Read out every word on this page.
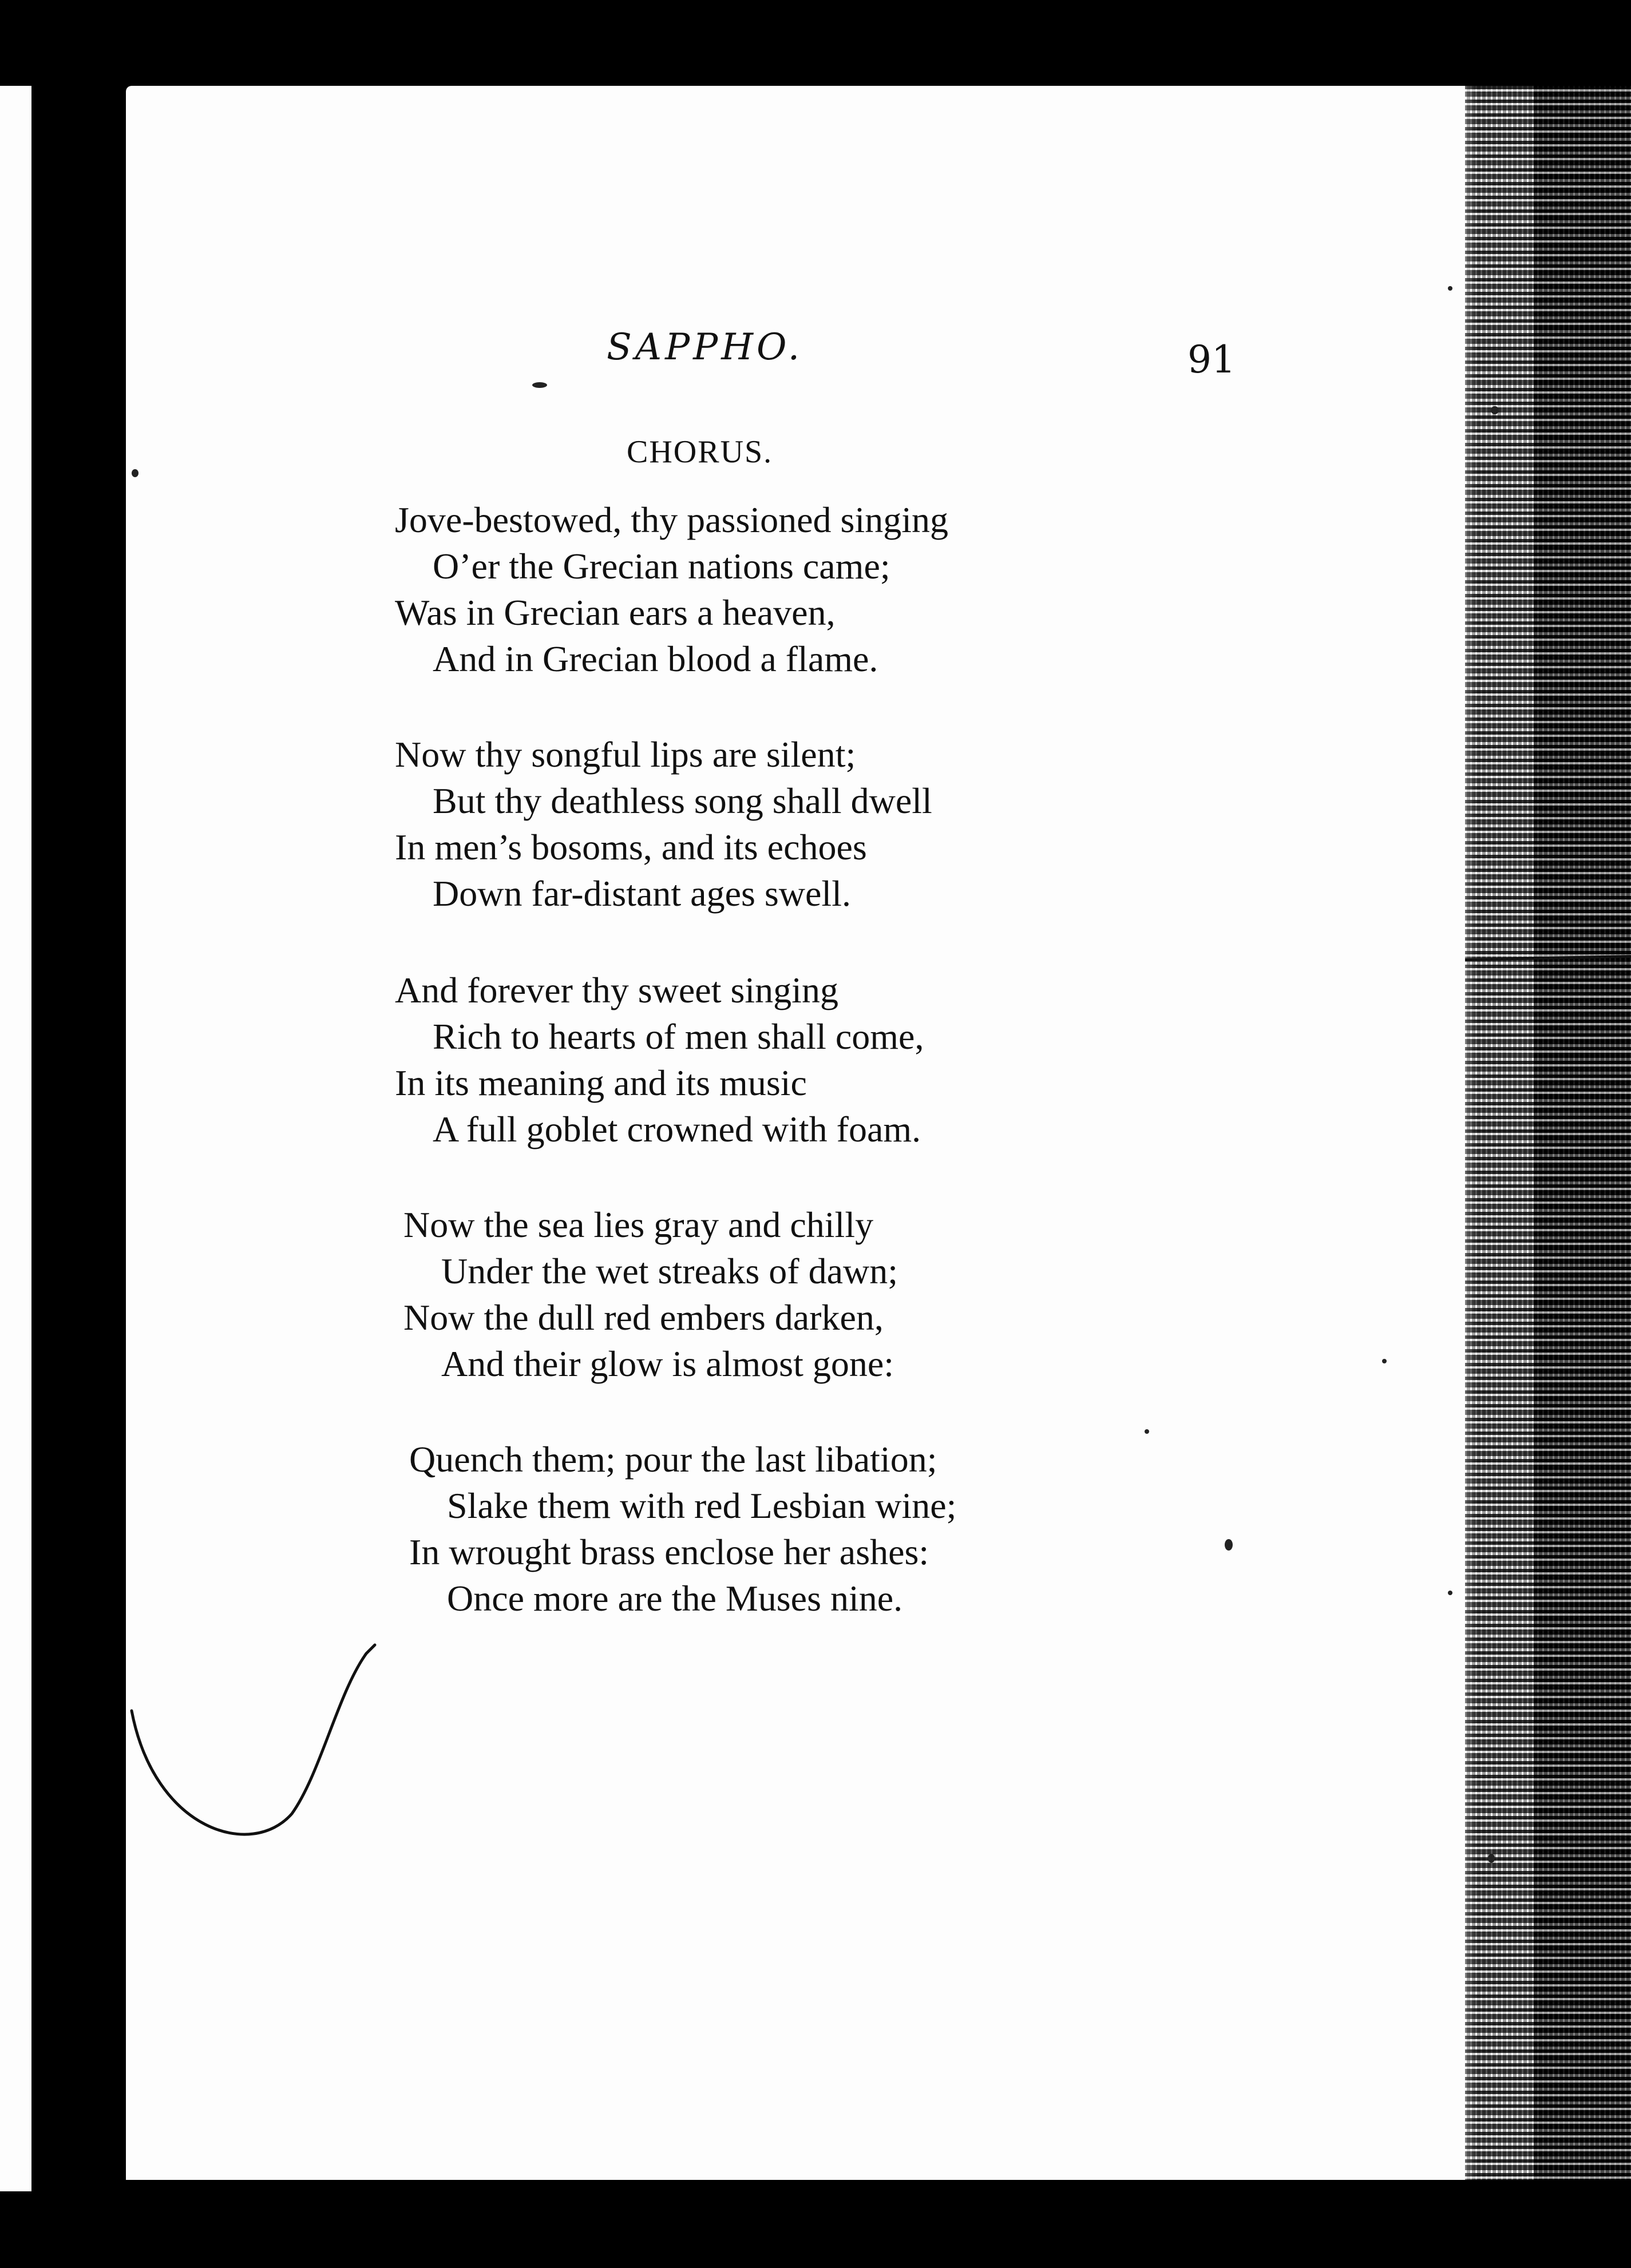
SAPPHO.	91
CHORUS.
Jove-bestowed, thy passioned singing
O’er the Grecian nations came;
Was in Grecian ears a heaven,
And in Grecian blood a flame.
Now thy songful lips are silent;
But thy deathless song shall dwell
In men’s bosoms, and its echoes
Down far-distant ages swell.
And forever thy sweet singing
Rich to hearts of men shall come,
In its meaning and its music
A full goblet crowned with foam.
Now the sea lies gray and chilly
Under the wet streaks of dawn;
Now the dull red embers darken,
And their glow is almost gone:
Quench them; pour the last libation;
Slake them with red Lesbian wine;
In wrought brass enclose her ashes:
Once more are the Muses nine.
